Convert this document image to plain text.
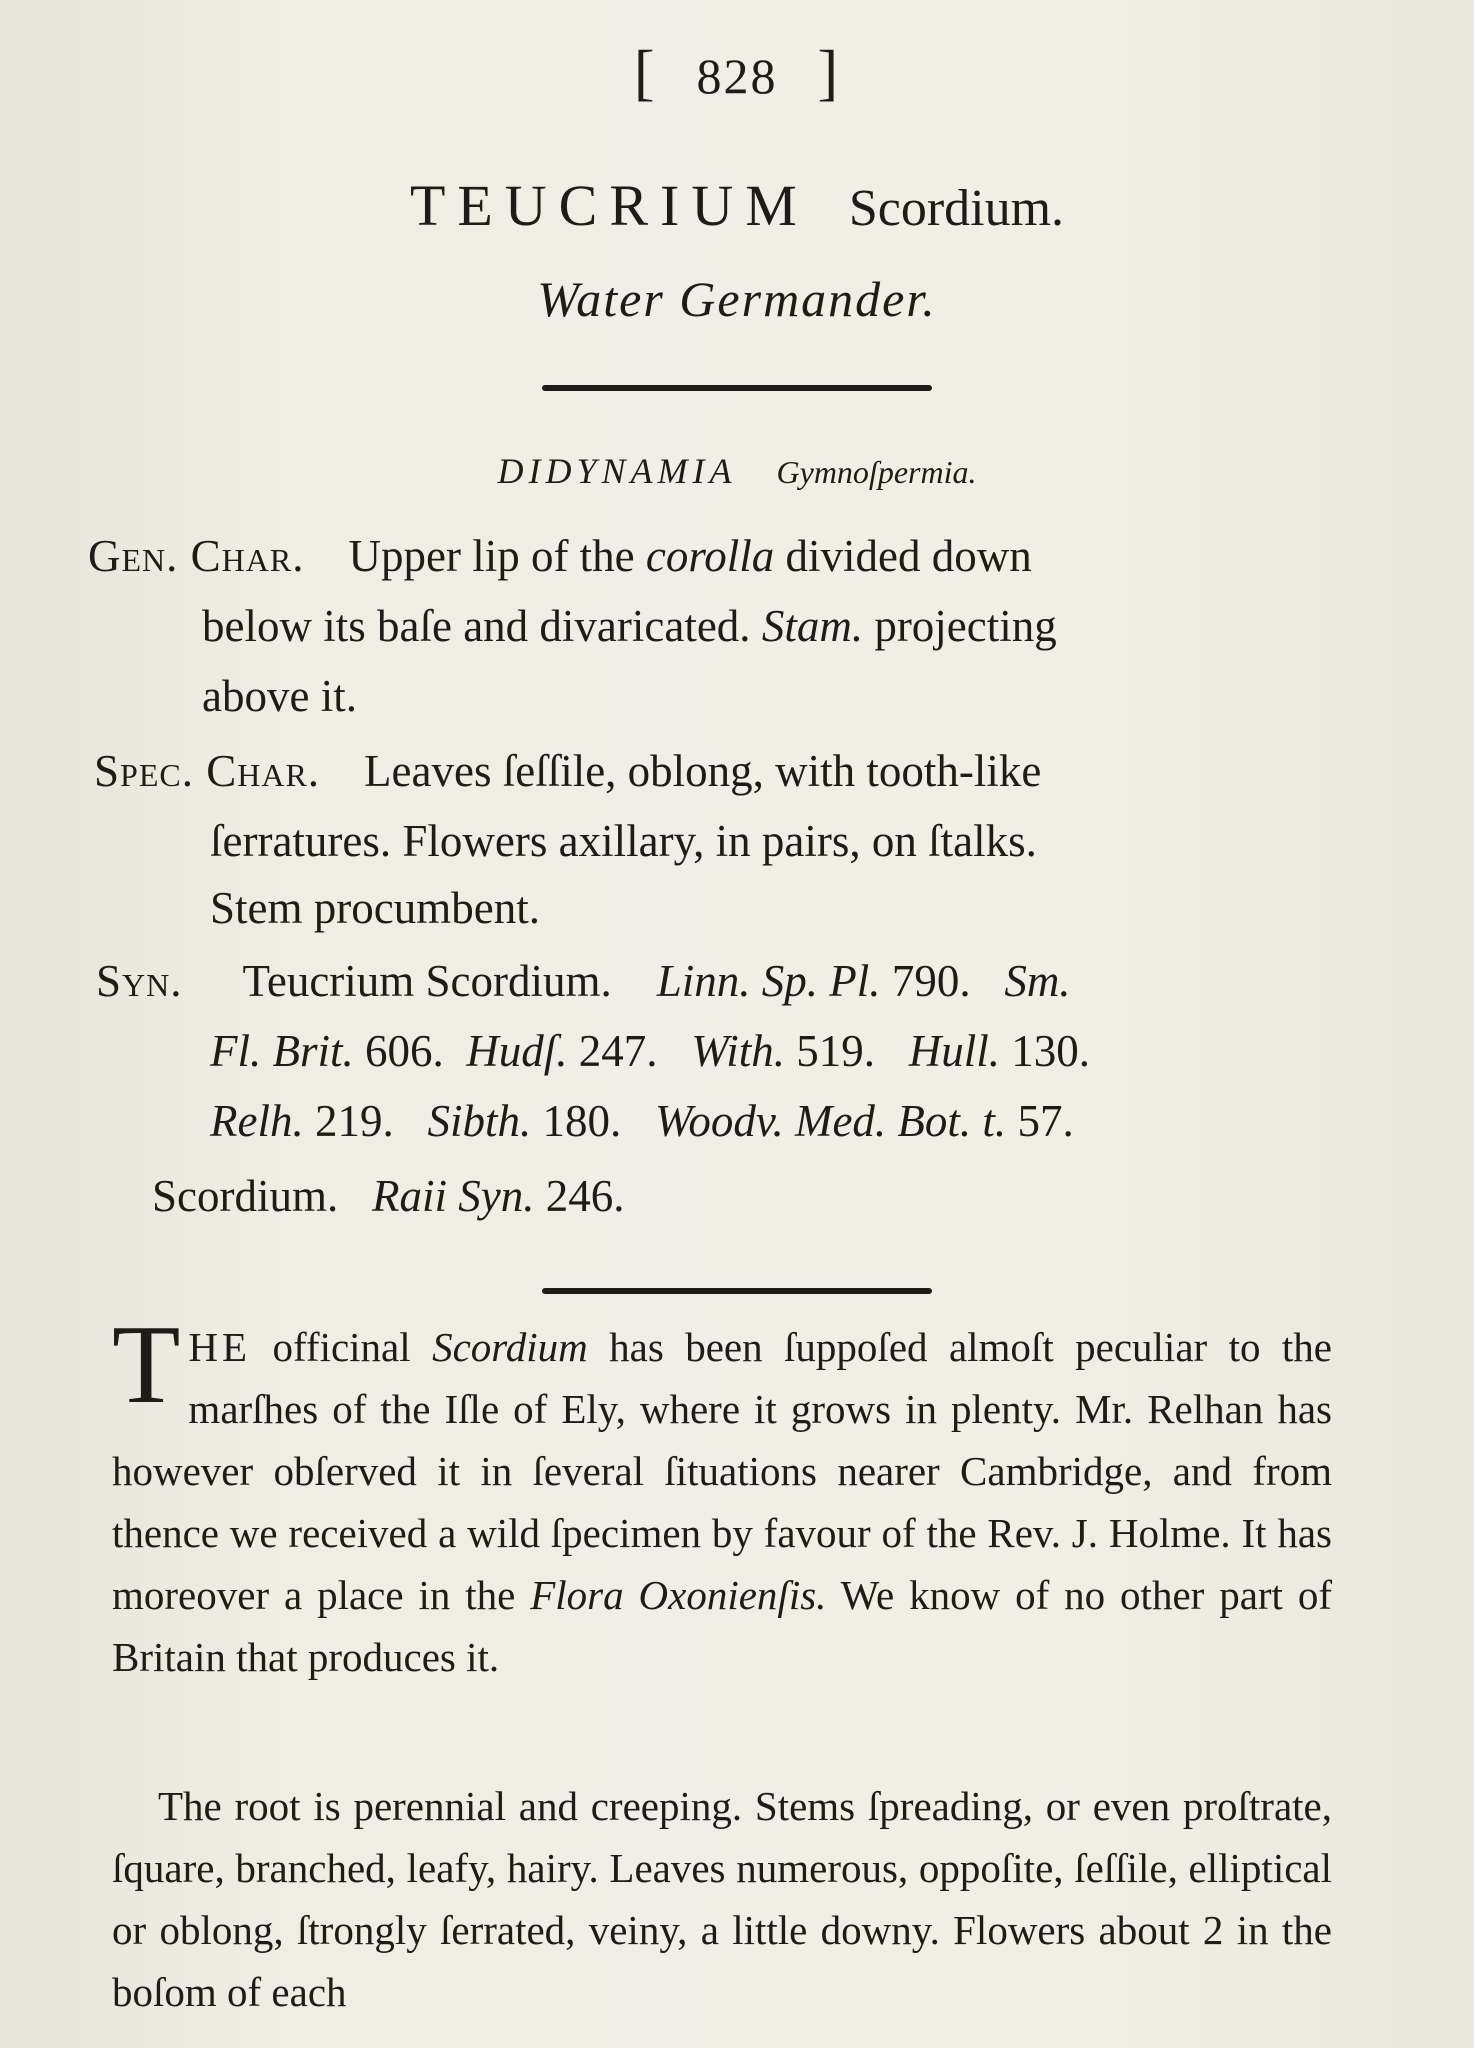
[ 828 ]
TEUCRIUM Scordium.
Water Germander.
DIDYNAMIA Gymnoſpermia.
Gen. Char. Upper lip of the corolla divided down
below its baſe and divaricated. Stam. projecting
above it.
Spec. Char. Leaves ſeſſile, oblong, with tooth-like
ſerratures. Flowers axillary, in pairs, on ſtalks.
Stem procumbent.
Syn. Teucrium Scordium. Linn. Sp. Pl. 790. Sm.
Fl. Brit. 606. Hudſ. 247. With. 519. Hull. 130.
Relh. 219. Sibth. 180. Woodv. Med. Bot. t. 57.
Scordium. Raii Syn. 246.
THE officinal Scordium has been ſuppoſed almoſt peculiar to the marſhes of the Iſle of Ely, where it grows in plenty. Mr. Relhan has however obſerved it in ſeveral ſituations nearer Cambridge, and from thence we received a wild ſpecimen by favour of the Rev. J. Holme. It has moreover a place in the Flora Oxonienſis. We know of no other part of Britain that produces it.
The root is perennial and creeping. Stems ſpreading, or even proſtrate, ſquare, branched, leafy, hairy. Leaves numerous, oppoſite, ſeſſile, elliptical or oblong, ſtrongly ſerrated, veiny, a little downy. Flowers about 2 in the boſom of each
